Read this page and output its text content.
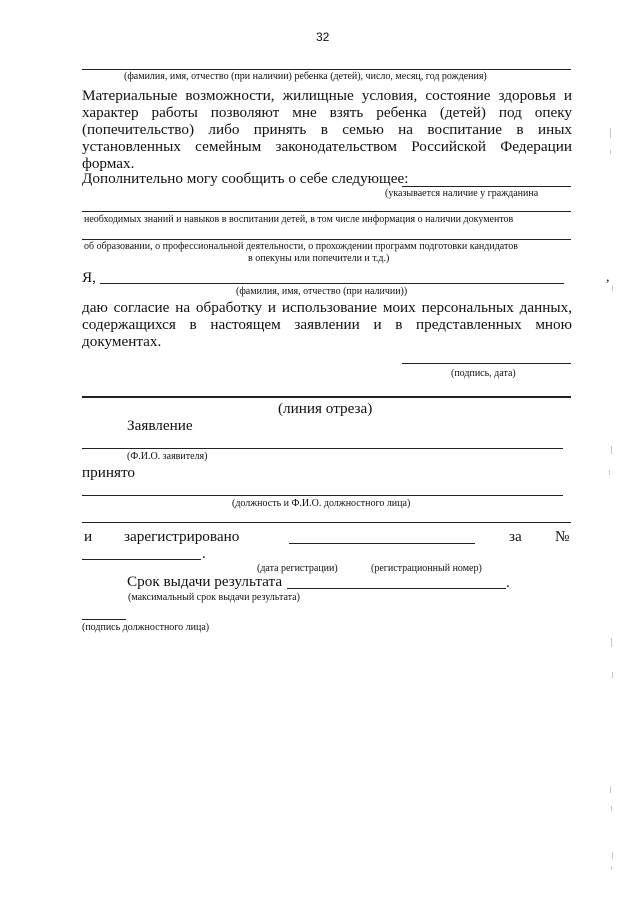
32
(фамилия, имя, отчество (при наличии) ребенка (детей), число, месяц, год рождения)
Материальные возможности, жилищные условия, состояние здоровья и
характер работы позволяют мне взять ребенка (детей) под опеку
(попечительство) либо принять в семью на воспитание в иных
установленных семейным законодательством Российской Федерации
формах.
Дополнительно могу сообщить о себе следующее:
(указывается наличие у гражданина
необходимых знаний и навыков в воспитании детей, в том числе информация о наличии документов
об образовании, о профессиональной деятельности, о прохождении программ подготовки кандидатов
в опекуны или попечители и т.д.)
Я,
(фамилия, имя, отчество (при наличии))
,
даю согласие на обработку и использование моих персональных данных,
содержащихся в настоящем заявлении и в представленных мною
документах.
(подпись, дата)
(линия отреза)
Заявление
(Ф.И.О. заявителя)
принято
(должность и Ф.И.О. должностного лица)
и зарегистрировано	за №
.
(дата регистрации)	(регистрационный номер)
Срок выдачи результата	.
(максимальный срок выдачи результата)
(подпись должностного лица)
